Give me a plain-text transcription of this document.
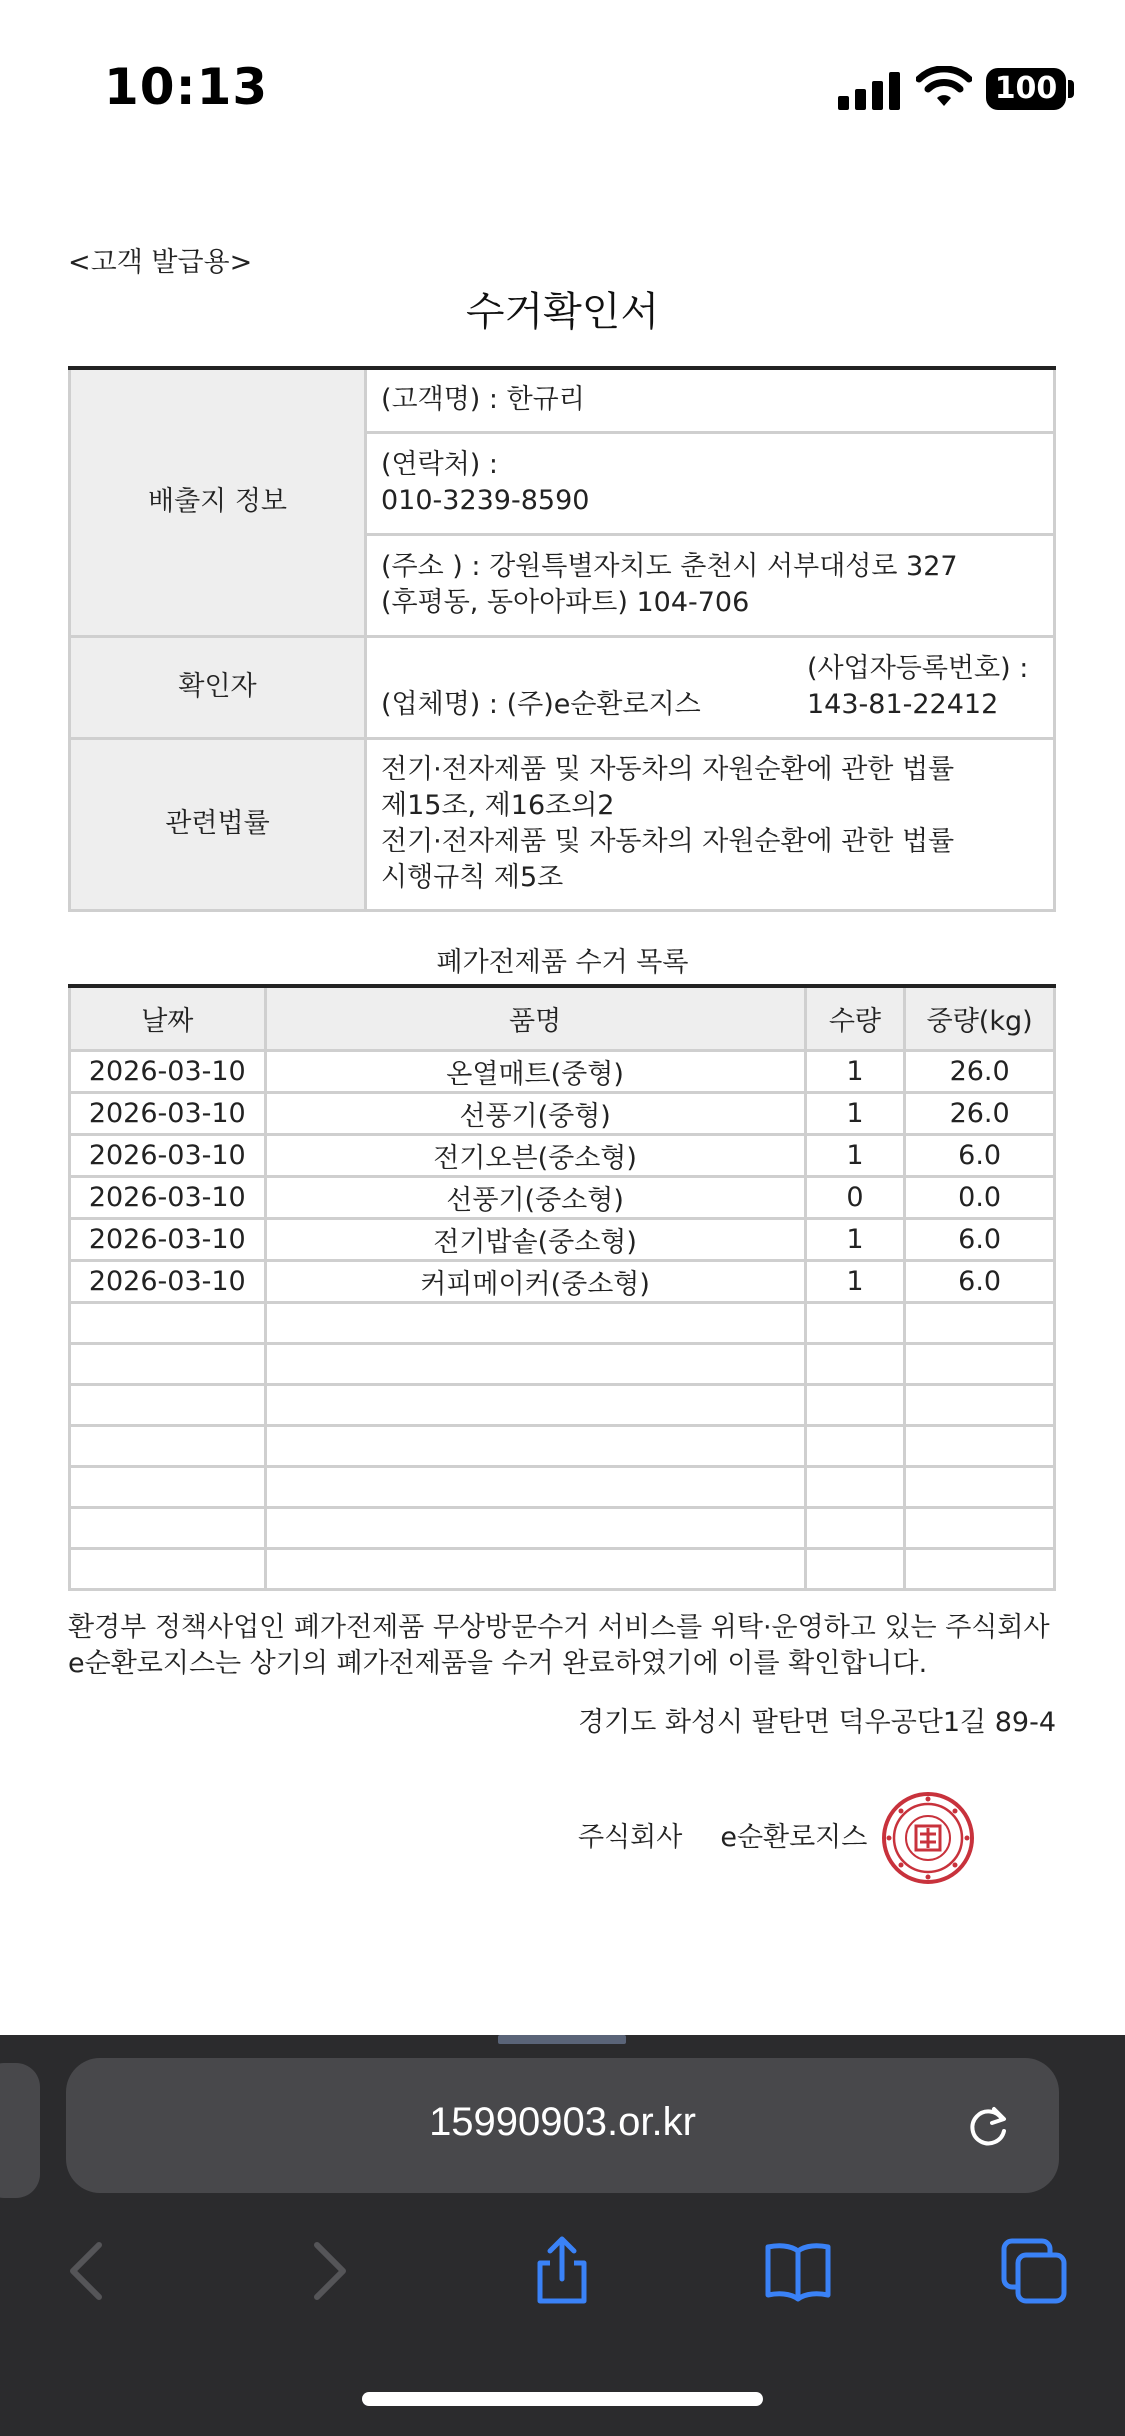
10:13	100
<고객 발급용>
수거확인서
배출지 정보	(고객명) : 한규리

	(연락처) :
010-3239-8590

	(주소 ) : 강원특별자치도 춘천시 서부대성로 327
(후평동, 동아아파트) 104-706

확인자	(업체명) : (주)e순환로지스
(사업자등록번호) :
143-81-22412

관련법률	전기·전자제품 및 자동차의 자원순환에 관한 법률
제15조, 제16조의2
전기·전자제품 및 자동차의 자원순환에 관한 법률
시행규칙 제5조
폐가전제품 수거 목록
날짜	품명	수량	중량(kg)
2026-03-10	온열매트(중형)	1	26.0
2026-03-10	선풍기(중형)	1	26.0
2026-03-10	전기오븐(중소형)	1	6.0
2026-03-10	선풍기(중소형)	0	0.0
2026-03-10	전기밥솥(중소형)	1	6.0
2026-03-10	커피메이커(중소형)	1	6.0

환경부 정책사업인 폐가전제품 무상방문수거 서비스를 위탁·운영하고 있는 주식회사 e순환로지스는 상기의 폐가전제품을 수거 완료하였기에 이를 확인합니다.
경기도 화성시 팔탄면 덕우공단1길 89-4
주식회사 e순환로지스
15990903.or.kr
